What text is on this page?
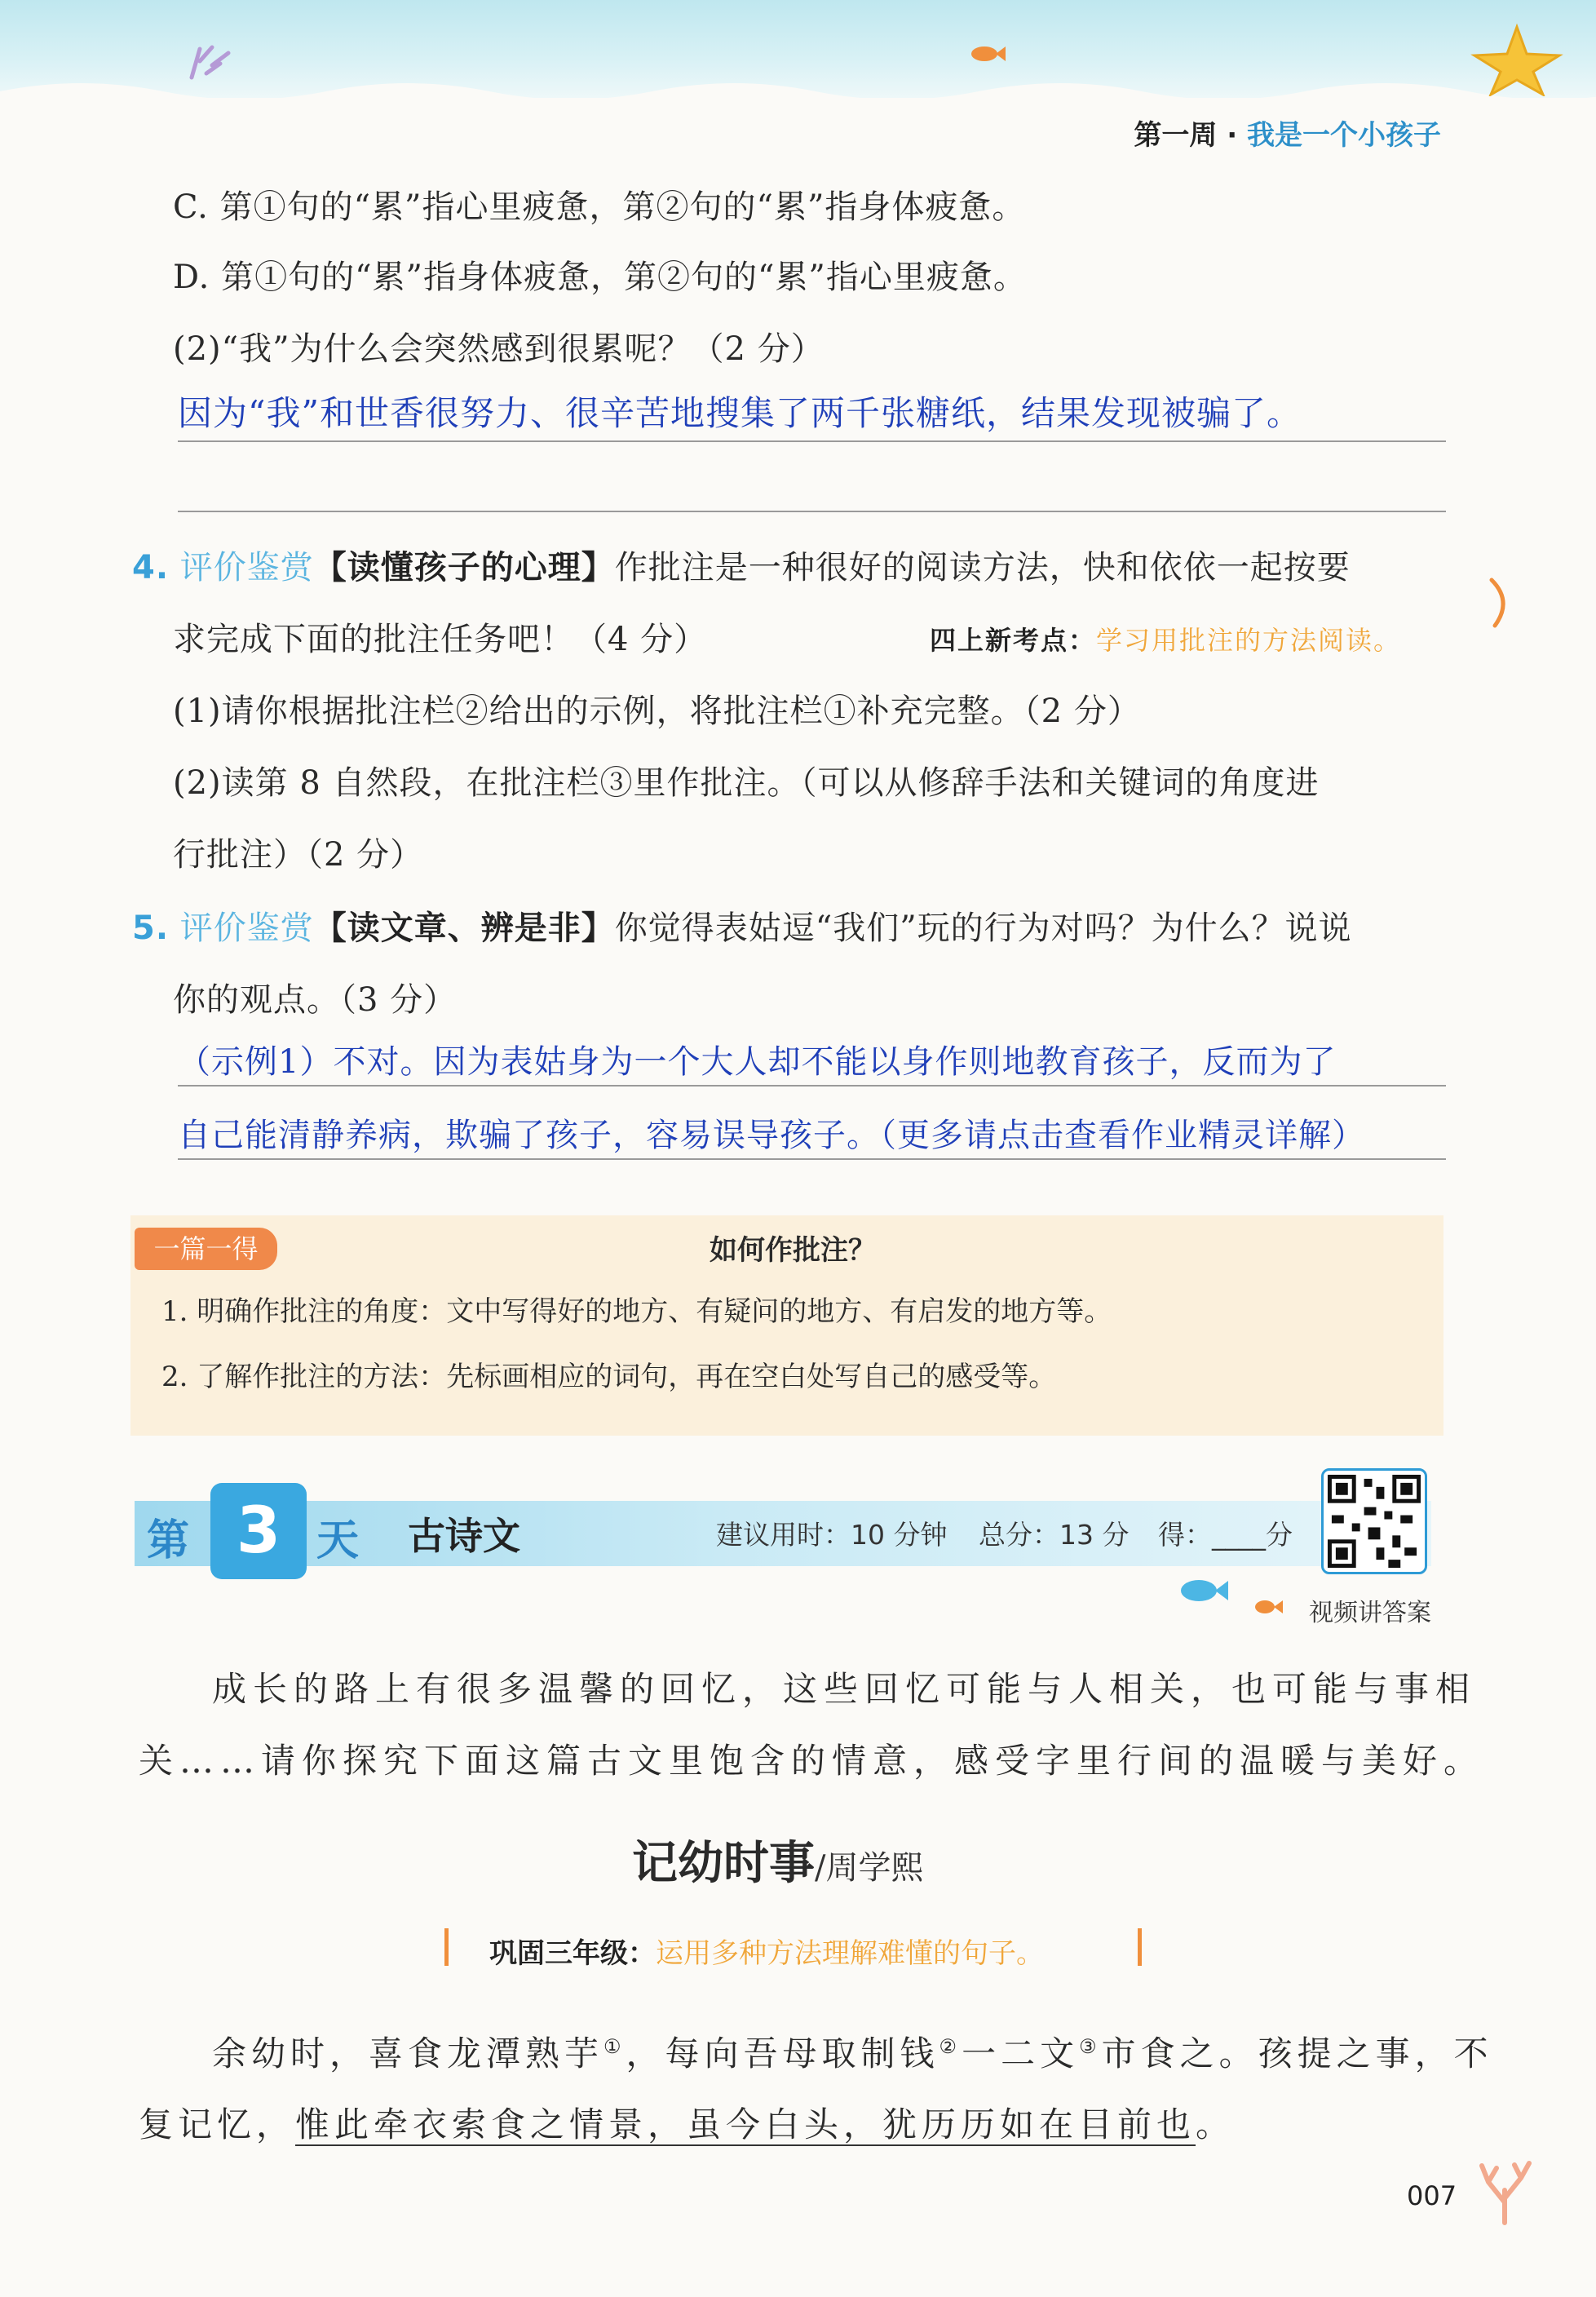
第一周 · 我是一个小孩子
C. 第①句的“累”指心里疲惫，第②句的“累”指身体疲惫。
D. 第①句的“累”指身体疲惫，第②句的“累”指心里疲惫。
(2)“我”为什么会突然感到很累呢？（2 分）
因为“我”和世香很努力、很辛苦地搜集了两千张糖纸，结果发现被骗了。
4. 评价鉴赏【读懂孩子的心理】作批注是一种很好的阅读方法，快和依依一起按要
求完成下面的批注任务吧！（4 分）	四上新考点：学习用批注的方法阅读。
(1)请你根据批注栏②给出的示例，将批注栏①补充完整。（2 分）
(2)读第 8 自然段，在批注栏③里作批注。（可以从修辞手法和关键词的角度进
行批注）（2 分）
5. 评价鉴赏【读文章、辨是非】你觉得表姑逗“我们”玩的行为对吗？为什么？说说
你的观点。（3 分）
（示例1）不对。因为表姑身为一个大人却不能以身作则地教育孩子，反而为了
自己能清静养病，欺骗了孩子，容易误导孩子。（更多请点击查看作业精灵详解）
一篇一得	如何作批注？
1. 明确作批注的角度：文中写得好的地方、有疑问的地方、有启发的地方等。
2. 了解作批注的方法：先标画相应的词句，再在空白处写自己的感受等。
第 3 天 古诗文	建议用时：10 分钟 总分：13 分 得：____分
视频讲答案
成长的路上有很多温馨的回忆，这些回忆可能与人相关，也可能与事相
关……请你探究下面这篇古文里饱含的情意，感受字里行间的温暖与美好。
记幼时事/周学熙
巩固三年级：运用多种方法理解难懂的句子。
余幼时，喜食龙潭熟芋①，每向吾母取制钱②一二文③市食之。孩提之事，不
复记忆，惟此牵衣索食之情景，虽今白头，犹历历如在目前也。
007
